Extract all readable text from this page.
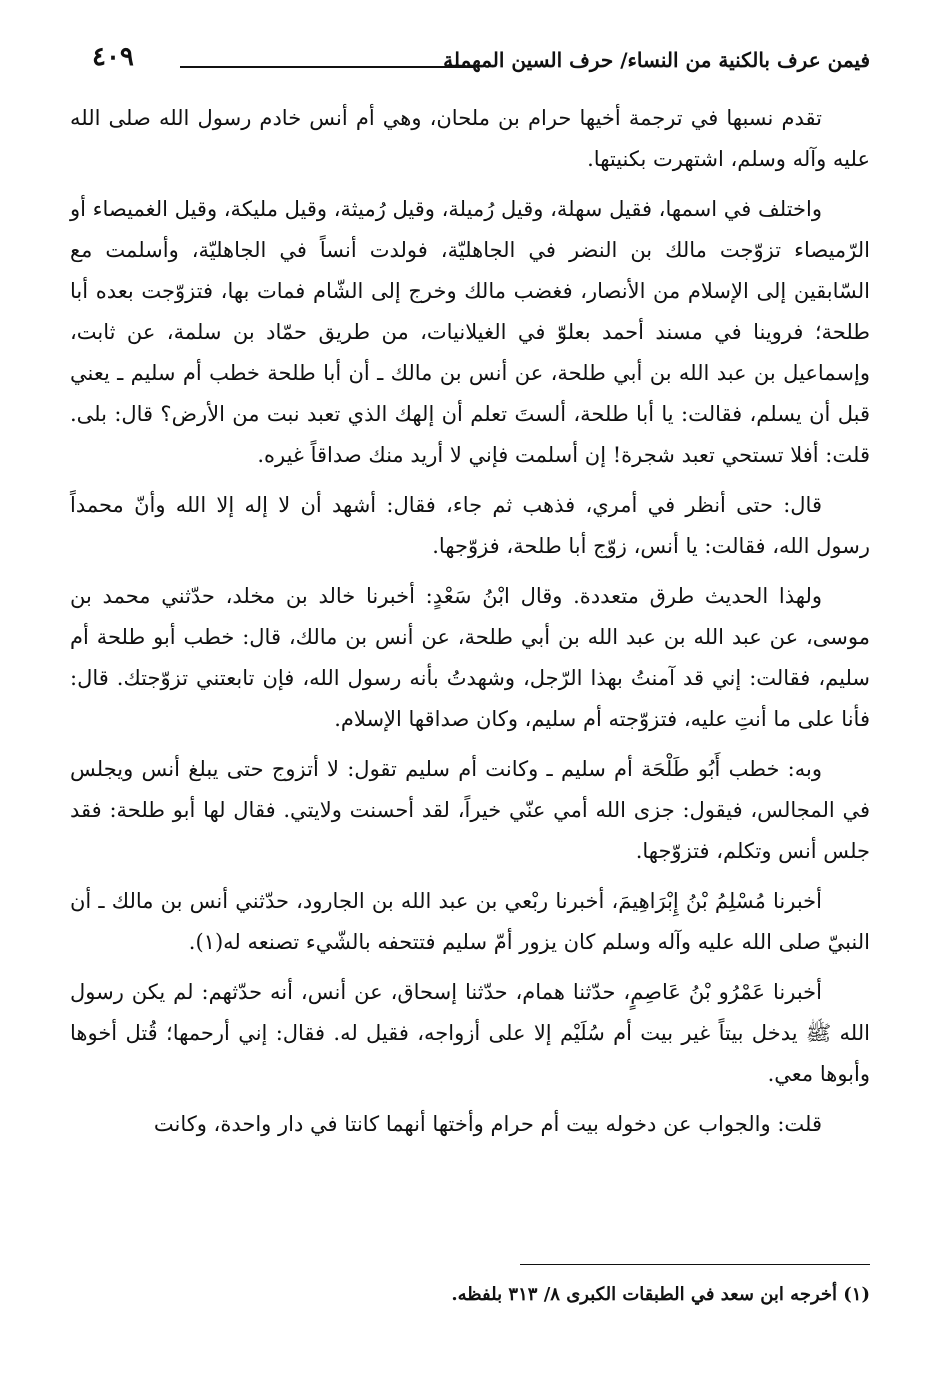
فيمن عرف بالكنية من النساء/ حرف السين المهملة
٤٠٩

تقدم نسبها في ترجمة أخيها حرام بن ملحان، وهي أم أنس خادم رسول الله صلى الله عليه وآله وسلم، اشتهرت بكنيتها.

واختلف في اسمها، فقيل سهلة، وقيل رُميلة، وقيل رُميثة، وقيل مليكة، وقيل الغميصاء أو الرّميصاء تزوّجت مالك بن النضر في الجاهليّة، فولدت أنساً في الجاهليّة، وأسلمت مع السّابقين إلى الإسلام من الأنصار، فغضب مالك وخرج إلى الشّام فمات بها، فتزوّجت بعده أبا طلحة؛ فروينا في مسند أحمد بعلوّ في الغيلانيات، من طريق حمّاد بن سلمة، عن ثابت، وإسماعيل بن عبد الله بن أبي طلحة، عن أنس بن مالك ـ أن أبا طلحة خطب أم سليم ـ يعني قبل أن يسلم، فقالت: يا أبا طلحة، ألستَ تعلم أن إلهك الذي تعبد نبت من الأرض؟ قال: بلى. قلت: أفلا تستحي تعبد شجرة! إن أسلمت فإني لا أريد منك صداقاً غيره.

قال: حتى أنظر في أمري، فذهب ثم جاء، فقال: أشهد أن لا إله إلا الله وأنّ محمداً رسول الله، فقالت: يا أنس، زوّج أبا طلحة، فزوّجها.

ولهذا الحديث طرق متعددة. وقال ابْنُ سَعْدٍ: أخبرنا خالد بن مخلد، حدّثني محمد بن موسى، عن عبد الله بن عبد الله بن أبي طلحة، عن أنس بن مالك، قال: خطب أبو طلحة أم سليم، فقالت: إني قد آمنتُ بهذا الرّجل، وشهدتُ بأنه رسول الله، فإن تابعتني تزوّجتك. قال: فأنا على ما أنتِ عليه، فتزوّجته أم سليم، وكان صداقها الإسلام.

وبه: خطب أَبُو طَلْحَة أم سليم ـ وكانت أم سليم تقول: لا أتزوج حتى يبلغ أنس ويجلس في المجالس، فيقول: جزى الله أمي عنّي خيراً، لقد أحسنت ولايتي. فقال لها أبو طلحة: فقد جلس أنس وتكلم، فتزوّجها.

أخبرنا مُسْلِمُ بْنُ إِبْرَاهِيمَ، أخبرنا ربْعي بن عبد الله بن الجارود، حدّثني أنس بن مالك ـ أن النبيّ صلى الله عليه وآله وسلم كان يزور أمّ سليم فتتحفه بالشّيء تصنعه له(١).

أخبرنا عَمْرُو بْنُ عَاصِمٍ، حدّثنا همام، حدّثنا إسحاق، عن أنس، أنه حدّثهم: لم يكن رسول الله ﷺ يدخل بيتاً غير بيت أم سُلَيْم إلا على أزواجه، فقيل له. فقال: إني أرحمها؛ قُتل أخوها وأبوها معي.

قلت: والجواب عن دخوله بيت أم حرام وأختها أنهما كانتا في دار واحدة، وكانت

(١) أخرجه ابن سعد في الطبقات الكبرى ٨/ ٣١٣ بلفظه.
